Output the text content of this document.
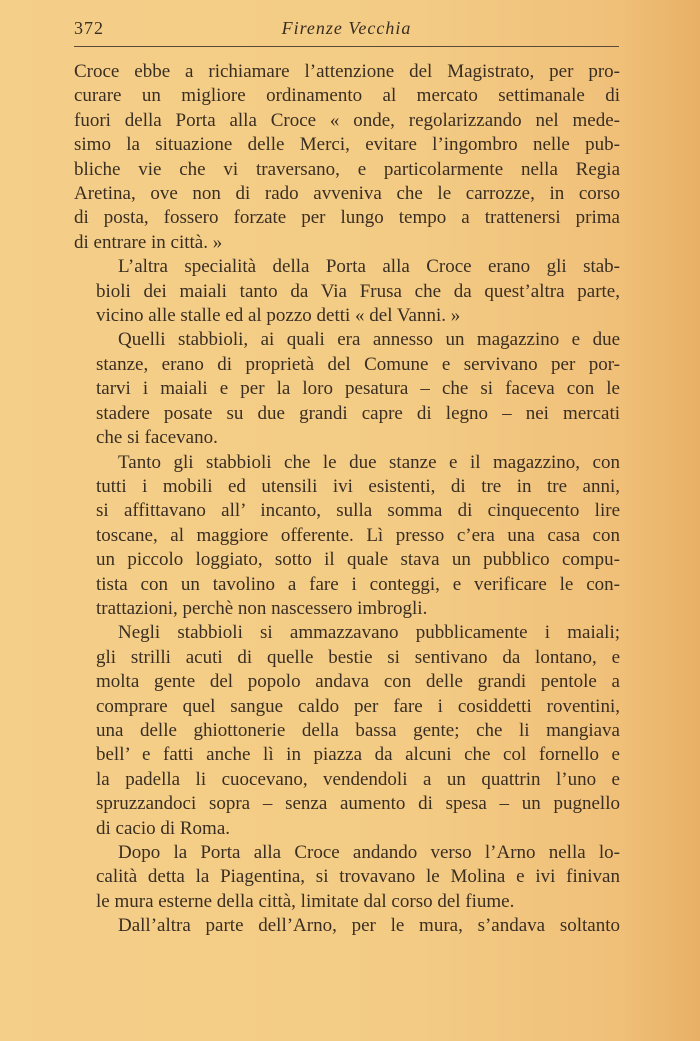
372	Firenze Vecchia
Croce ebbe a richiamare l’attenzione del Magistrato, per pro-
curare un migliore ordinamento al mercato settimanale di
fuori della Porta alla Croce « onde, regolarizzando nel mede-
simo la situazione delle Merci, evitare l’ingombro nelle pub-
bliche vie che vi traversano, e particolarmente nella Regia
Aretina, ove non di rado avveniva che le carrozze, in corso
di posta, fossero forzate per lungo tempo a trattenersi prima
di entrare in città. »
L’altra specialità della Porta alla Croce erano gli stab-
bioli dei maiali tanto da Via Frusa che da quest’altra parte,
vicino alle stalle ed al pozzo detti « del Vanni. »
Quelli stabbioli, ai quali era annesso un magazzino e due
stanze, erano di proprietà del Comune e servivano per por-
tarvi i maiali e per la loro pesatura – che si faceva con le
stadere posate su due grandi capre di legno – nei mercati
che si facevano.
Tanto gli stabbioli che le due stanze e il magazzino, con
tutti i mobili ed utensili ivi esistenti, di tre in tre anni,
si affittavano all’ incanto, sulla somma di cinquecento lire
toscane, al maggiore offerente. Lì presso c’era una casa con
un piccolo loggiato, sotto il quale stava un pubblico compu-
tista con un tavolino a fare i conteggi, e verificare le con-
trattazioni, perchè non nascessero imbrogli.
Negli stabbioli si ammazzavano pubblicamente i maiali;
gli strilli acuti di quelle bestie si sentivano da lontano, e
molta gente del popolo andava con delle grandi pentole a
comprare quel sangue caldo per fare i cosiddetti roventini,
una delle ghiottonerie della bassa gente; che li mangiava
bell’ e fatti anche lì in piazza da alcuni che col fornello e
la padella li cuocevano, vendendoli a un quattrin l’uno e
spruzzandoci sopra – senza aumento di spesa – un pugnello
di cacio di Roma.
Dopo la Porta alla Croce andando verso l’Arno nella lo-
calità detta la Piagentina, si trovavano le Molina e ivi finivan
le mura esterne della città, limitate dal corso del fiume.
Dall’altra parte dell’Arno, per le mura, s’andava soltanto
